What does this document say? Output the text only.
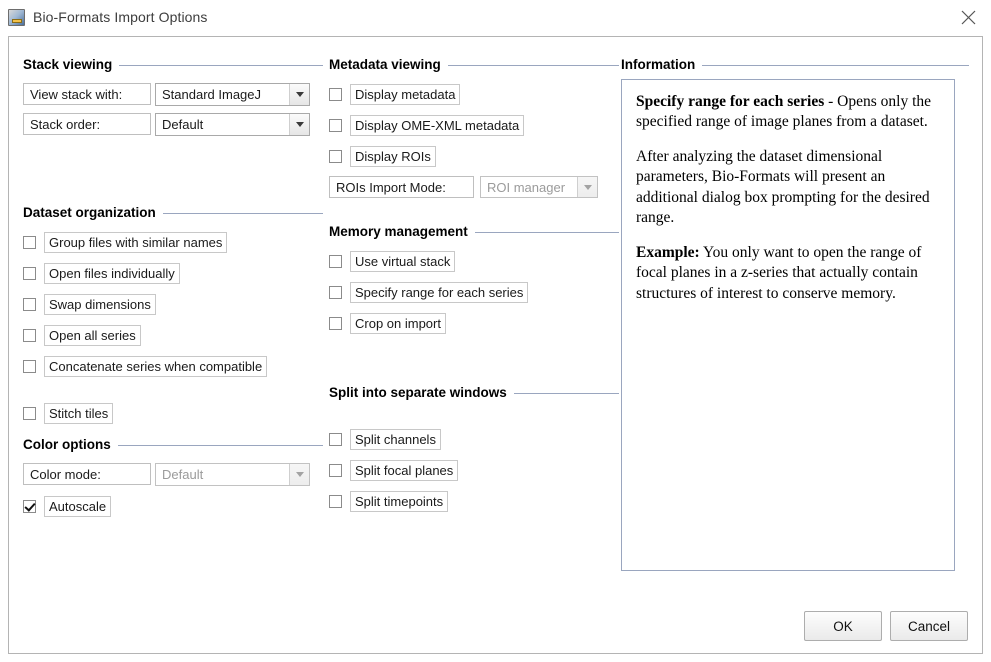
Bio-Formats Import Options
Stack viewing
View stack with:	Standard ImageJ
Stack order:	Default
Dataset organization
Group files with similar names
Open files individually
Swap dimensions
Open all series
Concatenate series when compatible
Stitch tiles
Color options
Color mode:	Default
Autoscale
Metadata viewing
Display metadata
Display OME-XML metadata
Display ROIs
ROIs Import Mode:	ROI manager
Memory management
Use virtual stack
Specify range for each series
Crop on import
Split into separate windows
Split channels
Split focal planes
Split timepoints
Information

Specify range for each series - Opens only the specified range of image planes from a dataset.

After analyzing the dataset dimensional parameters, Bio-Formats will present an additional dialog box prompting for the desired range.

Example: You only want to open the range of focal planes in a z-series that actually contain structures of interest to conserve memory.

OK	Cancel
